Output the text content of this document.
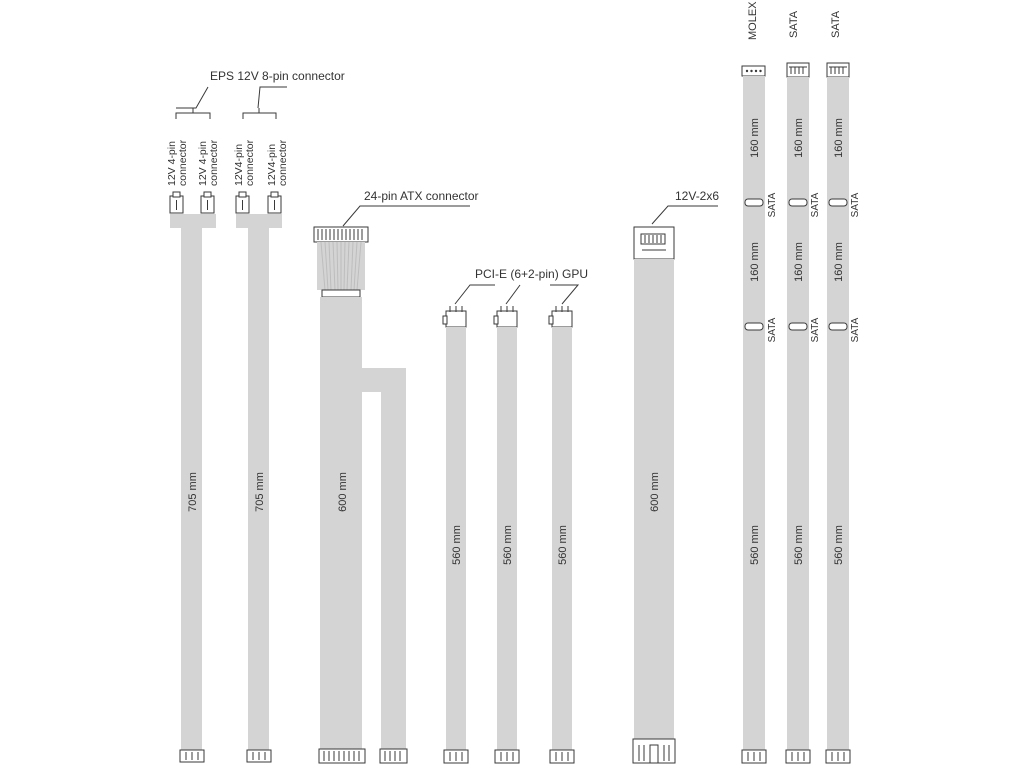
EPS 12V 8-pin connector
12V 4-pin connector 12V 4-pin connector 12V4-pin connector 12V4-pin connector
705 mm	705 mm
24-pin ATX connector
600 mm
PCI-E (6+2-pin) GPU
560 mm	560 mm	560 mm
12V-2x6
600 mm
MOLEX
160 mm
SATA
160 mm
SATA
560 mm
SATA
160 mm
SATA
160 mm
SATA
560 mm
SATA
160 mm
SATA
160 mm
SATA
560 mm
